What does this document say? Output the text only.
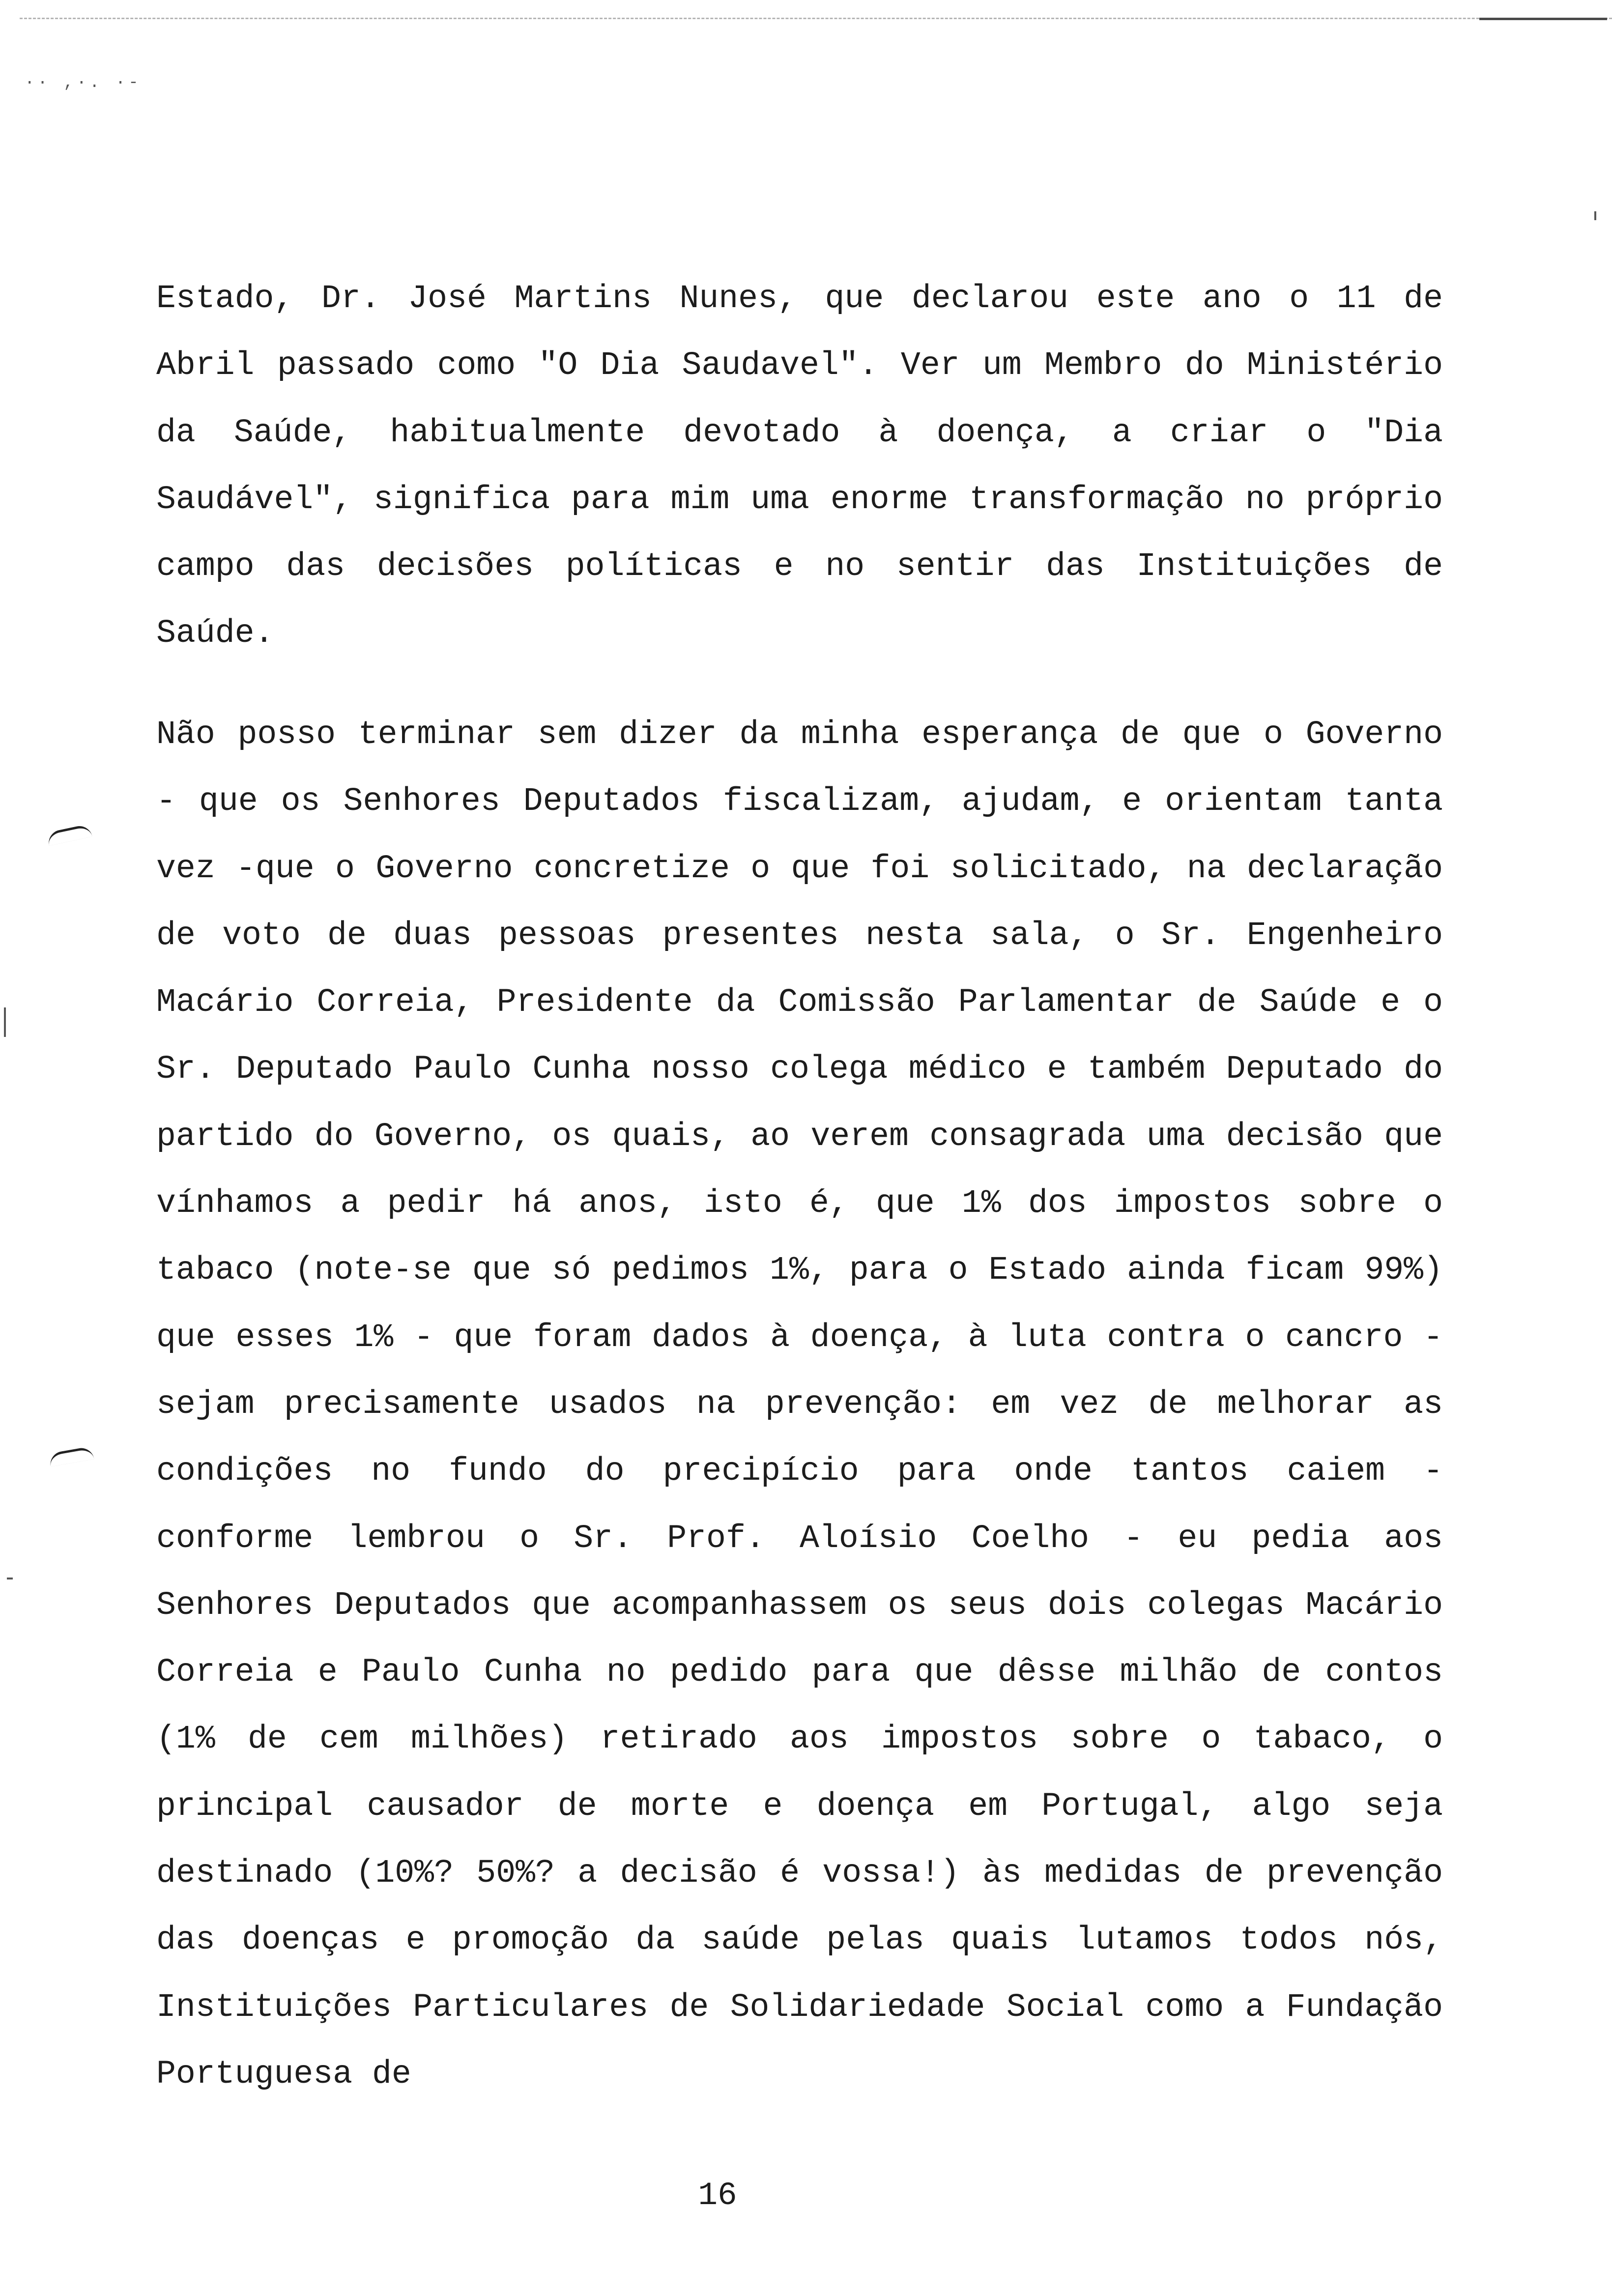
·· ,·. ·-

Estado, Dr. José Martins Nunes, que declarou este ano o 11 de Abril passado como "O Dia Saudavel". Ver um Membro do Ministério da Saúde, habitualmente devotado à doença, a criar o "Dia Saudável", significa para mim uma enorme transformação no próprio campo das decisões políticas e no sentir das Instituições de Saúde.

Não posso terminar sem dizer da minha esperança de que o Governo - que os Senhores Deputados fiscalizam, ajudam, e orientam tanta vez -que o Governo concretize o que foi solicitado, na declaração de voto de duas pessoas presentes nesta sala, o Sr. Engenheiro Macário Correia, Presidente da Comissão Parlamentar de Saúde e o Sr. Deputado Paulo Cunha nosso colega médico e também Deputado do partido do Governo, os quais, ao verem consagrada uma decisão que vínhamos a pedir há anos, isto é, que 1% dos impostos sobre o tabaco (note-se que só pedimos 1%, para o Estado ainda ficam 99%) que esses 1% - que foram dados à doença, à luta contra o cancro -sejam precisamente usados na prevenção: em vez de melhorar as condições no fundo do precipício para onde tantos caiem - conforme lembrou o Sr. Prof. Aloísio Coelho - eu pedia aos Senhores Deputados que acompanhassem os seus dois colegas Macário Correia e Paulo Cunha no pedido para que dêsse milhão de contos (1% de cem milhões) retirado aos impostos sobre o tabaco, o principal causador de morte e doença em Portugal, algo seja destinado (10%? 50%? a decisão é vossa!) às medidas de prevenção das doenças e promoção da saúde pelas quais lutamos todos nós, Instituições Particulares de Solidariedade Social como a Fundação Portuguesa de

16
